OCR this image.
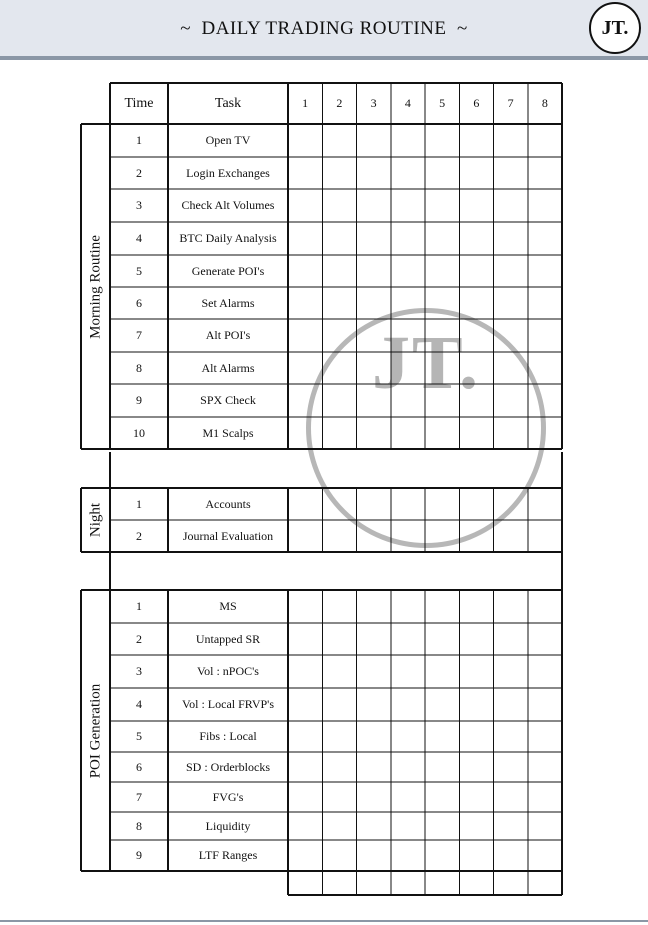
~  DAILY TRADING ROUTINE  ~	JT.
JT.
Time	Task	1	2	3	4	5	6	7	8
Morning Routine
1	Open TV
2	Login Exchanges
3	Check Alt Volumes
4	BTC Daily Analysis
5	Generate POI's
6	Set Alarms
7	Alt POI's
8	Alt Alarms
9	SPX Check
10	M1 Scalps
Night	1	Accounts
2	Journal Evaluation
POI Generation
1	MS
2	Untapped SR
3	Vol : nPOC's
4	Vol : Local FRVP's
5	Fibs : Local
6	SD : Orderblocks
7	FVG's
8	Liquidity
9	LTF Ranges
